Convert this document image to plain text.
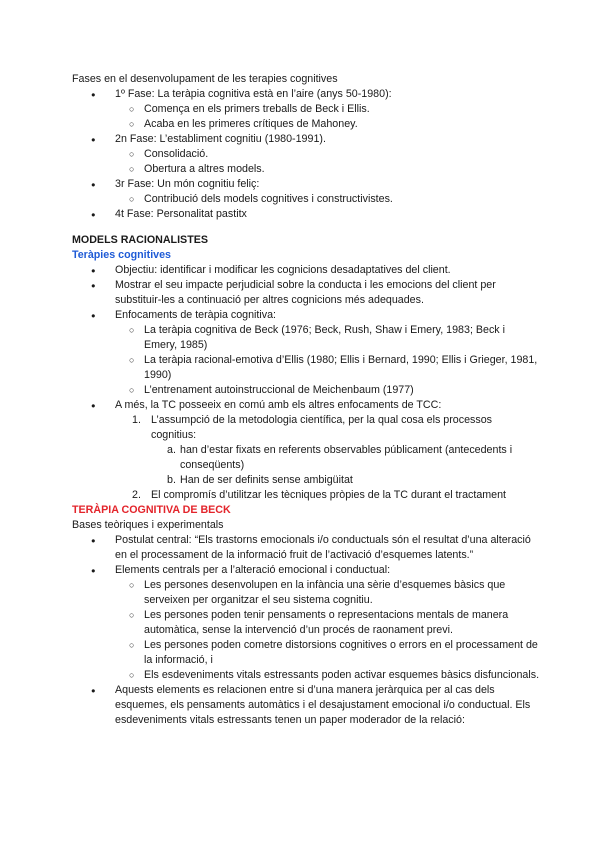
Fases en el desenvolupament de les terapies cognitives

● 1º Fase: La teràpia cognitiva està en l’aire (anys 50-1980):
○ Comença en els primers treballs de Beck i Ellis.
○ Acaba en les primeres crítiques de Mahoney.
● 2n Fase: L’establiment cognitiu (1980-1991).
○ Consolidació.
○ Obertura a altres models.
● 3r Fase: Un món cognitiu feliç:
○ Contribució dels models cognitives i constructivistes.
● 4t Fase: Personalitat pastitx
MODELS RACIONALISTES

Teràpies cognitives

● Objectiu: identificar i modificar les cognicions desadaptatives del client.
● Mostrar el seu impacte perjudicial sobre la conducta i les emocions del client per substituir-les a continuació per altres cognicions més adequades.
● Enfocaments de teràpia cognitiva:
○ La teràpia cognitiva de Beck (1976; Beck, Rush, Shaw i Emery, 1983; Beck i Emery, 1985)
○ La teràpia racional-emotiva d’Ellis (1980; Ellis i Bernard, 1990; Ellis i Grieger, 1981, 1990)
○ L’entrenament autoinstruccional de Meichenbaum (1977)
● A més, la TC posseeix en comú amb els altres enfocaments de TCC:
1. L’assumpció de la metodologia científica, per la qual cosa els processos cognitius:
a. han d’estar fixats en referents observables públicament (antecedents i conseqüents)
b. Han de ser definits sense ambigüitat
2. El compromís d’utilitzar les tècniques pròpies de la TC durant el tractament

TERÀPIA COGNITIVA DE BECK

Bases teòriques i experimentals

● Postulat central: “Els trastorns emocionals i/o conductuals són el resultat d’una alteració en el processament de la informació fruit de l’activació d’esquemes latents.”
● Elements centrals per a l’alteració emocional i conductual:
○ Les persones desenvolupen en la infància una sèrie d’esquemes bàsics que serveixen per organitzar el seu sistema cognitiu.
○ Les persones poden tenir pensaments o representacions mentals de manera automàtica, sense la intervenció d’un procés de raonament previ.
○ Les persones poden cometre distorsions cognitives o errors en el processament de la informació, i
○ Els esdeveniments vitals estressants poden activar esquemes bàsics disfuncionals.
● Aquests elements es relacionen entre si d’una manera jeràrquica per al cas dels esquemes, els pensaments automàtics i el desajustament emocional i/o conductual. Els esdeveniments vitals estressants tenen un paper moderador de la relació:
